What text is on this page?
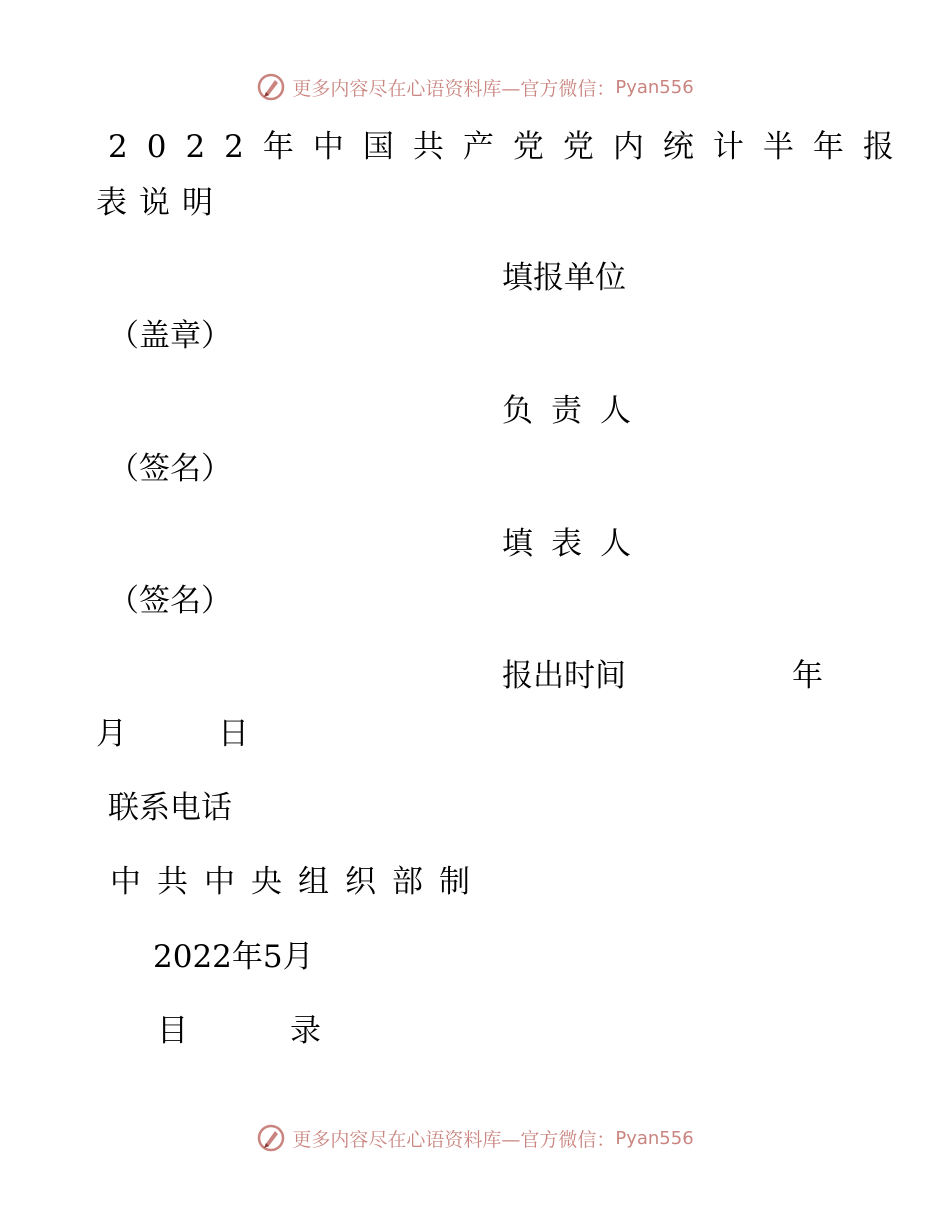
更多内容尽在心语资料库—官方微信： Pyan556
2022年中国共产党党内统计半年报
表说明
填报单位
（盖章）
负责人
（签名）
填表人
（签名）
报出时间	年
月	日
联系电话
中共中央组织部制
2022年5月
目	录
更多内容尽在心语资料库—官方微信： Pyan556
